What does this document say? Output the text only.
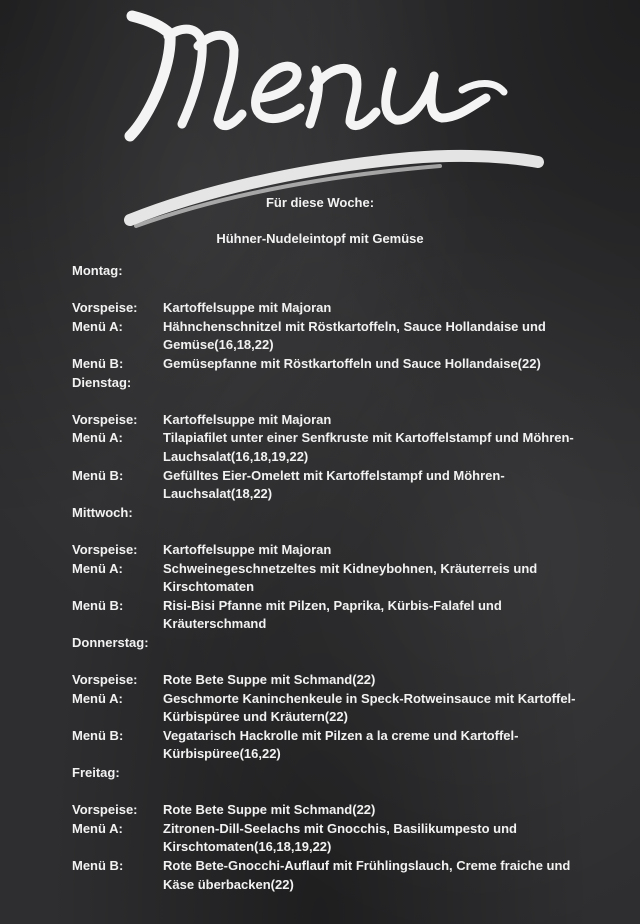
Für diese Woche:
Hühner-Nudeleintopf mit Gemüse
Montag:
Vorspeise:	Kartoffelsuppe mit Majoran
Menü A:	Hähnchenschnitzel mit Röstkartoffeln, Sauce Hollandaise und Gemüse(16,18,22)
Menü B:	Gemüsepfanne mit Röstkartoffeln und Sauce Hollandaise(22)
Dienstag:
Vorspeise:	Kartoffelsuppe mit Majoran
Menü A:	Tilapiafilet unter einer Senfkruste mit Kartoffelstampf und Möhren-Lauchsalat(16,18,19,22)
Menü B:	Gefülltes Eier-Omelett mit Kartoffelstampf und Möhren-Lauchsalat(18,22)
Mittwoch:
Vorspeise:	Kartoffelsuppe mit Majoran
Menü A:	Schweinegeschnetzeltes mit Kidneybohnen, Kräuterreis und Kirschtomaten
Menü B:	Risi-Bisi Pfanne mit Pilzen, Paprika, Kürbis-Falafel und Kräuterschmand
Donnerstag:
Vorspeise:	Rote Bete Suppe mit Schmand(22)
Menü A:	Geschmorte Kaninchenkeule in Speck-Rotweinsauce mit Kartoffel-Kürbispüree und Kräutern(22)
Menü B:	Vegatarisch Hackrolle mit Pilzen a la creme und Kartoffel-Kürbispüree(16,22)
Freitag:
Vorspeise:	Rote Bete Suppe mit Schmand(22)
Menü A:	Zitronen-Dill-Seelachs mit Gnocchis, Basilikumpesto und Kirschtomaten(16,18,19,22)
Menü B:	Rote Bete-Gnocchi-Auflauf mit Frühlingslauch, Creme fraiche und Käse überbacken(22)
